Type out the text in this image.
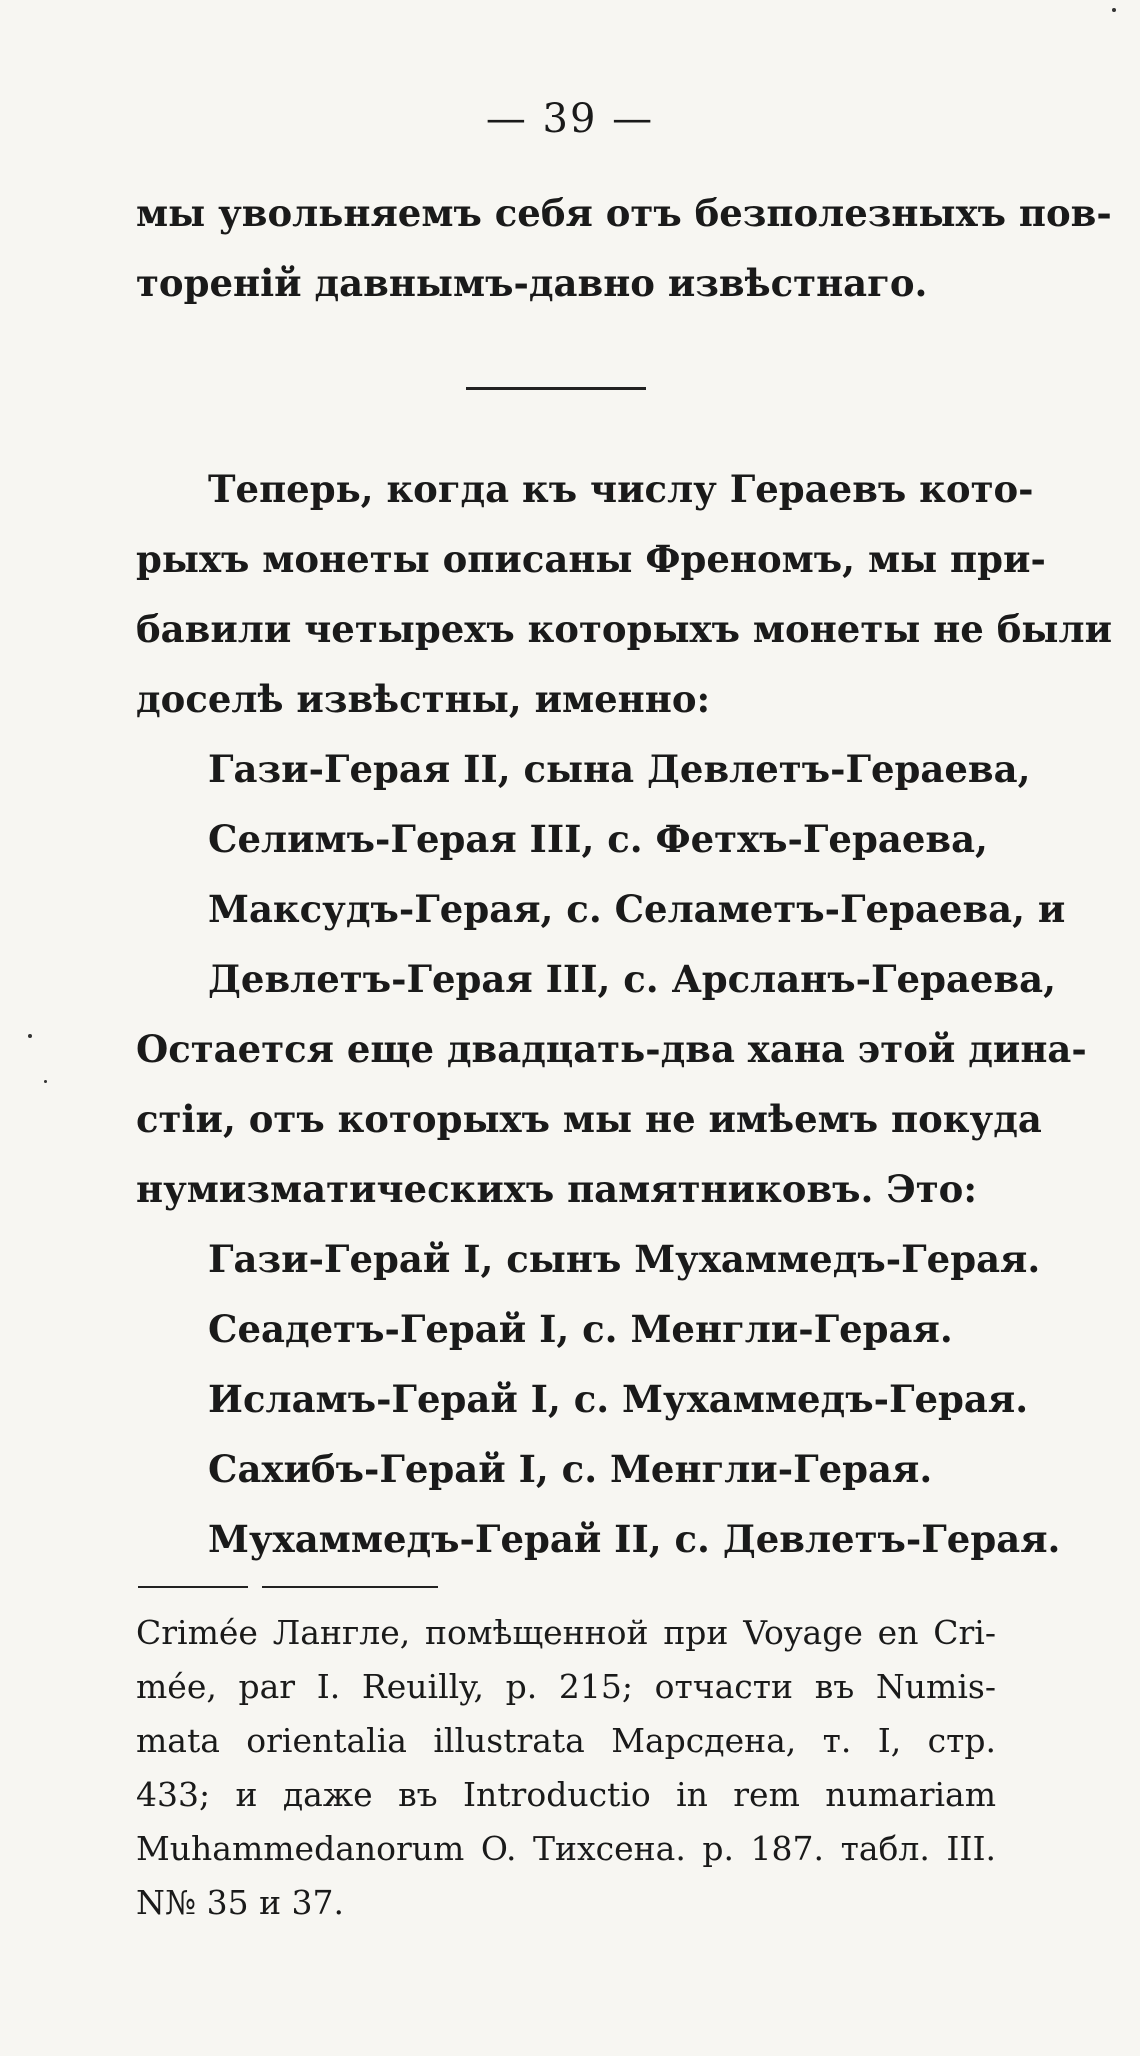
— 39 —
мы увольняемъ себя отъ безполезныхъ пов-
тореній давнымъ-давно извѣстнаго.
Теперь, когда къ числу Гераевъ кото-
рыхъ монеты описаны Френомъ, мы при-
бавили четырехъ которыхъ монеты не были
доселѣ извѣстны, именно:
Гази-Герая II, сына Девлетъ-Гераева,
Селимъ-Герая III, с. Фетхъ-Гераева,
Максудъ-Герая, с. Селаметъ-Гераева, и
Девлетъ-Герая III, с. Арсланъ-Гераева,
Остается еще двадцать-два хана этой дина-
стіи, отъ которыхъ мы не имѣемъ покуда
нумизматическихъ памятниковъ. Это:
Гази-Герай I, сынъ Мухаммедъ-Герая.
Сеадетъ-Герай I, с. Менгли-Герая.
Исламъ-Герай I, с. Мухаммедъ-Герая.
Сахибъ-Герай I, с. Менгли-Герая.
Мухаммедъ-Герай II, с. Девлетъ-Герая.
Crimée Лангле, помѣщенной при Voyage en Cri-
mée, par I. Reuilly, p. 215; отчасти въ Numis-
mata orientalia illustrata Марсдена, т. I, стр.
433; и даже въ Introductio in rem numariam
Muhammedanorum O. Тихсена. p. 187. табл. III.
N№ 35 и 37.
